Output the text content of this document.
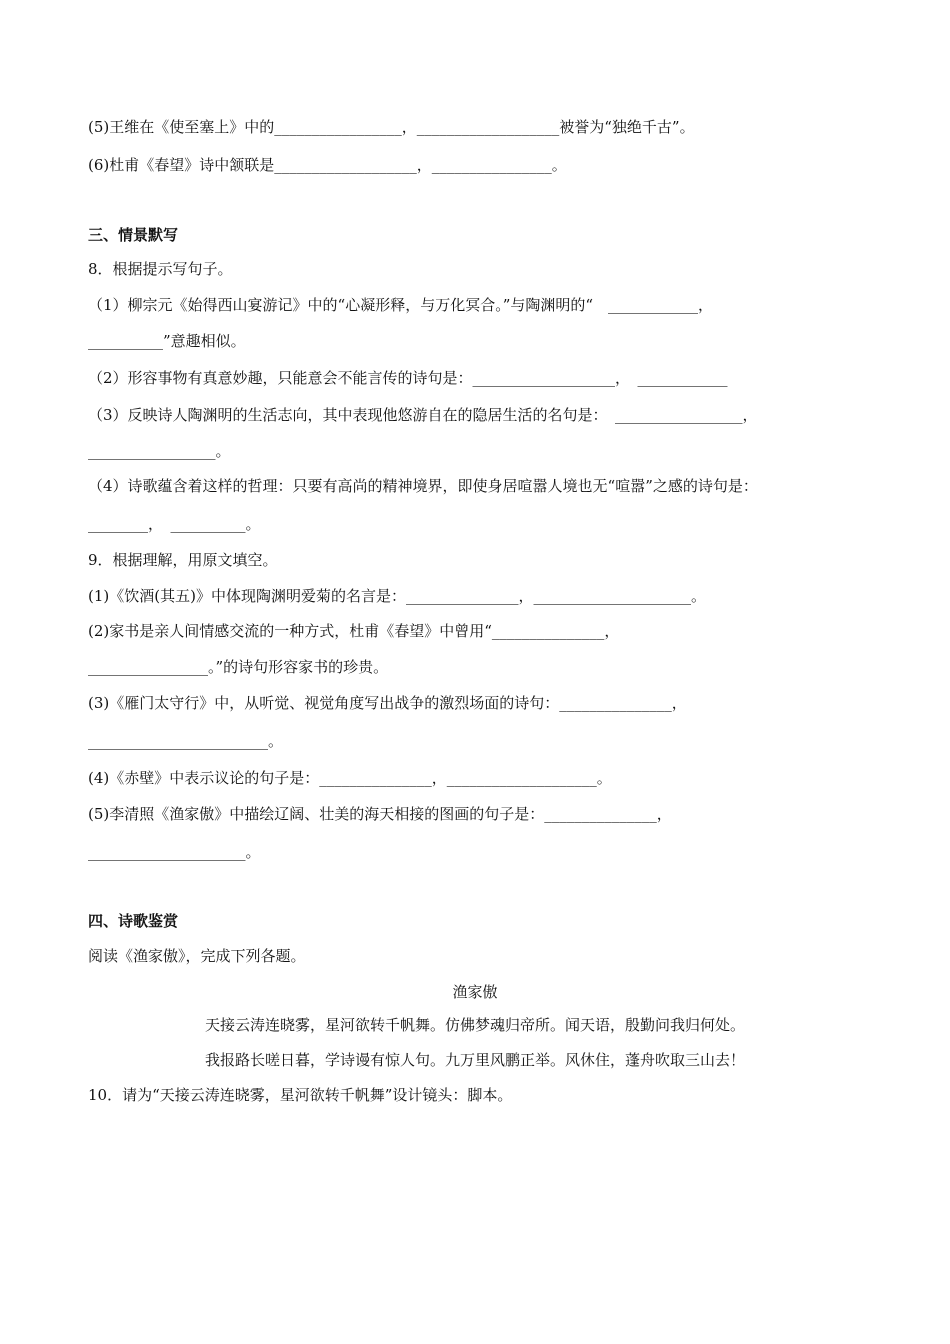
(5)王维在《使至塞上》中的_________________，___________________被誉为“独绝千古”。
(6)杜甫《春望》诗中颔联是___________________，________________。
三、情景默写
8．根据提示写句子。
（1）柳宗元《始得西山宴游记》中的“心凝形释，与万化冥合。”与陶渊明的“　____________，
__________”意趣相似。
（2）形容事物有真意妙趣，只能意会不能言传的诗句是：___________________，　____________
（3）反映诗人陶渊明的生活志向，其中表现他悠游自在的隐居生活的名句是：　_________________，
_________________。
（4）诗歌蕴含着这样的哲理：只要有高尚的精神境界，即使身居喧嚣人境也无“喧嚣”之感的诗句是：
________，　__________。
9．根据理解，用原文填空。
(1)《饮酒(其五)》中体现陶渊明爱菊的名言是：_______________，_____________________。
(2)家书是亲人间情感交流的一种方式，杜甫《春望》中曾用“_______________，
________________。”的诗句形容家书的珍贵。
(3)《雁门太守行》中，从听觉、视觉角度写出战争的激烈场面的诗句：_______________，
________________________。
(4)《赤壁》中表示议论的句子是：_______________，____________________。
(5)李清照《渔家傲》中描绘辽阔、壮美的海天相接的图画的句子是：_______________，
_____________________。
四、诗歌鉴赏
阅读《渔家傲》，完成下列各题。
渔家傲
天接云涛连晓雾，星河欲转千帆舞。仿佛梦魂归帝所。闻天语，殷勤问我归何处。
我报路长嗟日暮，学诗谩有惊人句。九万里风鹏正举。风休住，蓬舟吹取三山去！
10．请为“天接云涛连晓雾，星河欲转千帆舞”设计镜头：脚本。
